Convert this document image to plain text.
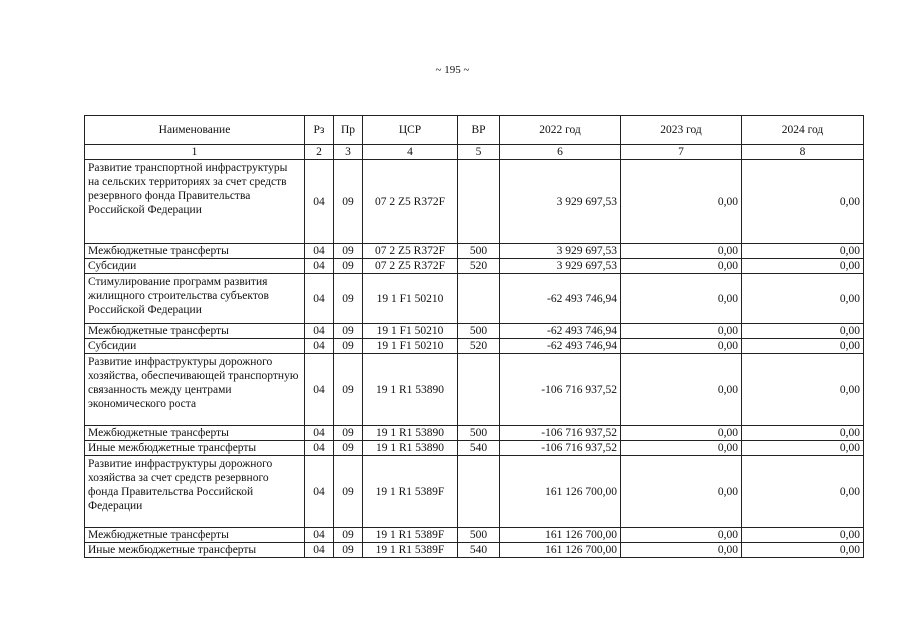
~ 195 ~
Наименование	Рз	Пр	ЦСР	ВР	2022 год	2023 год	2024 год
1	2	3	4	5	6	7	8
Развитие транспортной инфраструктуры на сельских территориях за счет средств резервного фонда Правительства Российской Федерации	04	09	07 2 Z5 R372F		3 929 697,53	0,00	0,00
Межбюджетные трансферты	04	09	07 2 Z5 R372F	500	3 929 697,53	0,00	0,00
Субсидии	04	09	07 2 Z5 R372F	520	3 929 697,53	0,00	0,00
Стимулирование программ развития жилищного строительства субъектов Российской Федерации	04	09	19 1 F1 50210		-62 493 746,94	0,00	0,00
Межбюджетные трансферты	04	09	19 1 F1 50210	500	-62 493 746,94	0,00	0,00
Субсидии	04	09	19 1 F1 50210	520	-62 493 746,94	0,00	0,00
Развитие инфраструктуры дорожного хозяйства, обеспечивающей транспортную связанность между центрами экономического роста	04	09	19 1 R1 53890		-106 716 937,52	0,00	0,00
Межбюджетные трансферты	04	09	19 1 R1 53890	500	-106 716 937,52	0,00	0,00
Иные межбюджетные трансферты	04	09	19 1 R1 53890	540	-106 716 937,52	0,00	0,00
Развитие инфраструктуры дорожного хозяйства за счет средств резервного фонда Правительства Российской Федерации	04	09	19 1 R1 5389F		161 126 700,00	0,00	0,00
Межбюджетные трансферты	04	09	19 1 R1 5389F	500	161 126 700,00	0,00	0,00
Иные межбюджетные трансферты	04	09	19 1 R1 5389F	540	161 126 700,00	0,00	0,00
